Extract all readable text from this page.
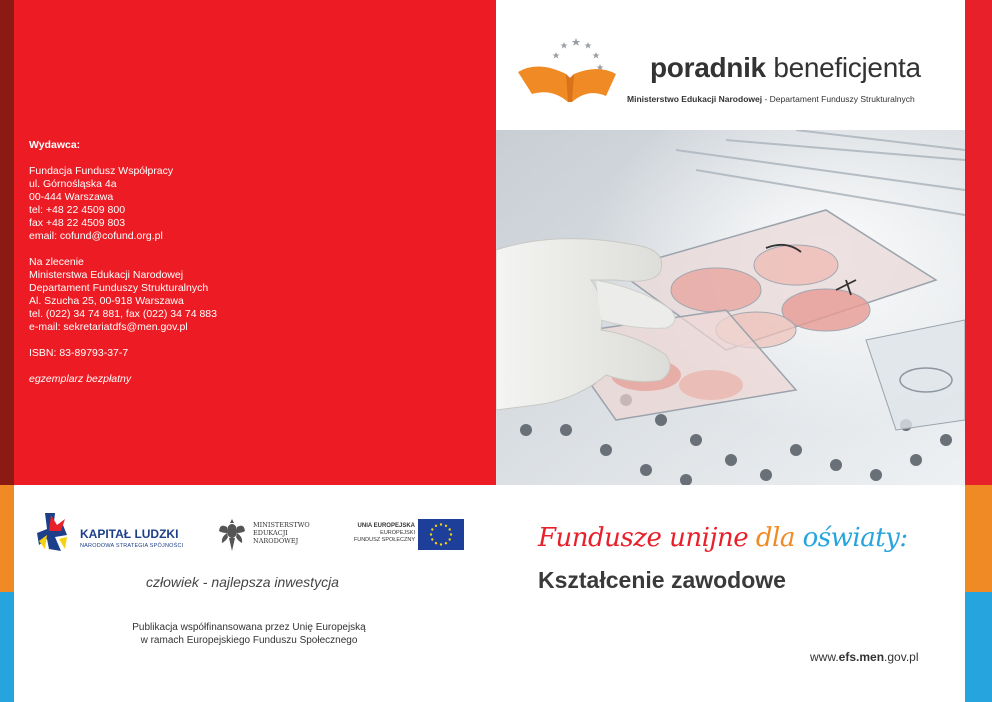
Wydawca:

Fundacja Fundusz Współpracy

ul. Górnośląska 4a

00-444 Warszawa

tel: +48 22 4509 800

fax +48 22 4509 803

email: cofund@cofund.org.pl

Na zlecenie

Ministerstwa Edukacji Narodowej

Departament Funduszy Strukturalnych

Al. Szucha 25, 00-918 Warszawa

tel. (022) 34 74 881, fax (022) 34 74 883

e-mail: sekretariatdfs@men.gov.pl

ISBN: 83-89793-37-7

egzemplarz bezpłatny

poradnik beneficjenta
Ministerstwo Edukacji Narodowej - Departament Funduszy Strukturalnych
KAPITAŁ LUDZKI
NARODOWA STRATEGIA SPÓJNOŚCI

MINISTERSTWO

EDUKACJI

NARODOWEJ

UNIA EUROPEJSKA

EUROPEJSKI

FUNDUSZ SPOŁECZNY

człowiek - najlepsza inwestycja

Publikacja współfinansowana przez Unię Europejską

w ramach Europejskiego Funduszu Społecznego

Fundusze unijne dla oświaty:
Kształcenie zawodowe
www.efs.men.gov.pl
